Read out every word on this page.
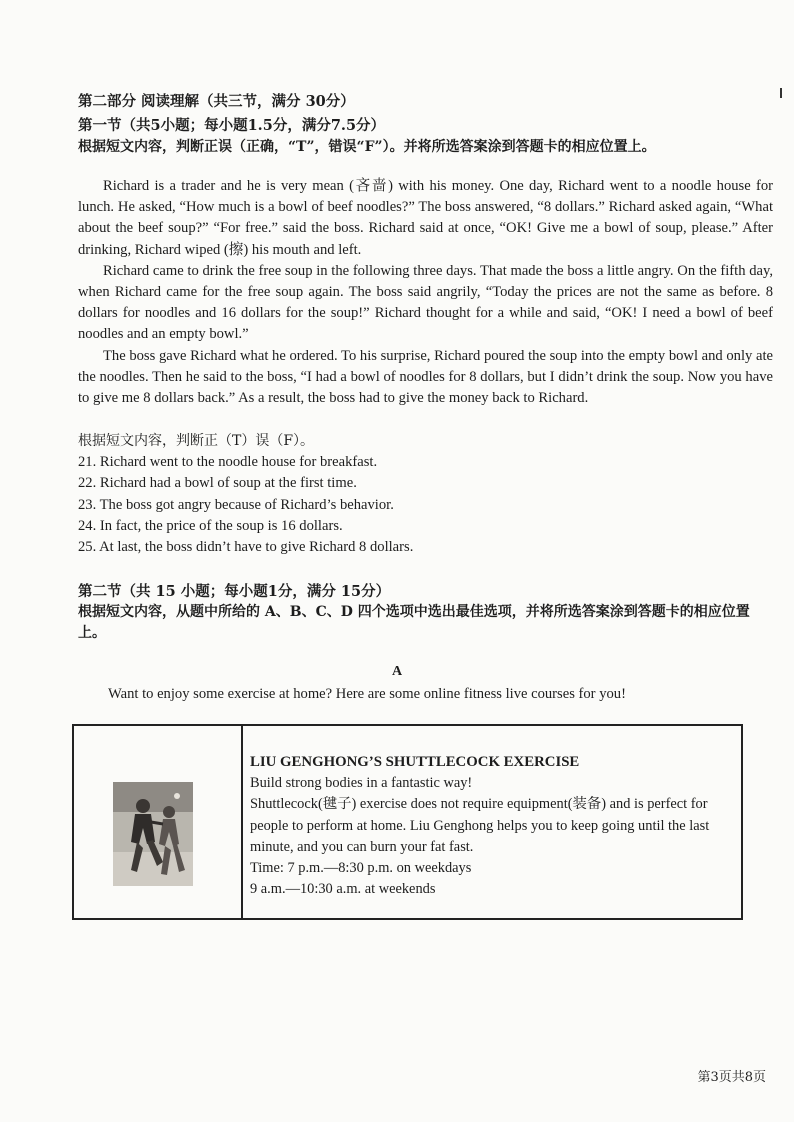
第二部分 阅读理解（共三节，满分 30分）
第一节（共5小题；每小题1.5分，满分7.5分）
根据短文内容，判断正误（正确，“T”，错误“F”）。并将所选答案涂到答题卡的相应位置上。

Richard is a trader and he is very mean (吝啬) with his money. One day, Richard went to a noodle house for lunch. He asked, “How much is a bowl of beef noodles?” The boss answered, “8 dollars.” Richard asked again, “What about the beef soup?” “For free.” said the boss. Richard said at once, “OK! Give me a bowl of soup, please.” After drinking, Richard wiped (擦) his mouth and left.

Richard came to drink the free soup in the following three days. That made the boss a little angry. On the fifth day, when Richard came for the free soup again. The boss said angrily, “Today the prices are not the same as before. 8 dollars for noodles and 16 dollars for the soup!” Richard thought for a while and said, “OK! I need a bowl of beef noodles and an empty bowl.”

The boss gave Richard what he ordered. To his surprise, Richard poured the soup into the empty bowl and only ate the noodles. Then he said to the boss, “I had a bowl of noodles for 8 dollars, but I didn’t drink the soup. Now you have to give me 8 dollars back.” As a result, the boss had to give the money back to Richard.

根据短文内容，判断正（T）误（F）。

21. Richard went to the noodle house for breakfast.

22. Richard had a bowl of soup at the first time.

23. The boss got angry because of Richard’s behavior.

24. In fact, the price of the soup is 16 dollars.

25. At last, the boss didn’t have to give Richard 8 dollars.

第二节（共 15 小题；每小题1分，满分 15分）
根据短文内容，从题中所给的 A、B、C、D 四个选项中选出最佳选项，并将所选答案涂到答题卡的相应位置上。
A
Want to enjoy some exercise at home? Here are some online fitness live courses for you!
LIU GENGHONG’S SHUTTLECOCK EXERCISE
Build strong bodies in a fantastic way!
Shuttlecock(毽子) exercise does not require equipment(装备) and is perfect for people to perform at home. Liu Genghong helps you to keep going until the last minute, and you can burn your fat fast.
Time: 7 p.m.—8:30 p.m. on weekdays
9 a.m.—10:30 a.m. at weekends
第3页共8页
